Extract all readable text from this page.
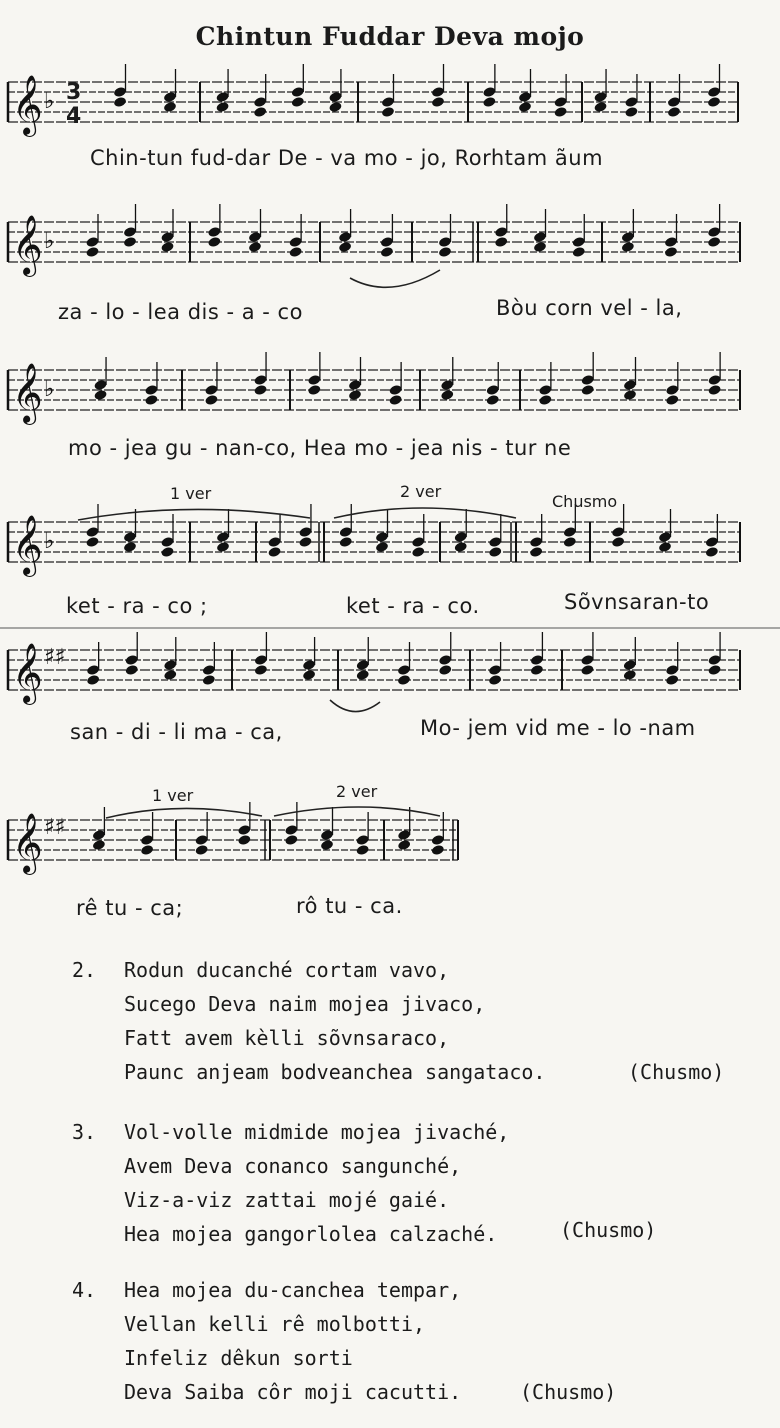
Chintun Fuddar Deva mojo
𝄞 ♭
𝄞 ♭
𝄞 ♭
𝄞 ♭
𝄞 ♯♯
𝄞 ♯♯
3
4
Chin-tun fud-dar De - va mo - jo, Rorhtam ãum
za - lo - lea dis - a - co	Bòu corn vel - la,
mo - jea gu - nan-co, Hea mo - jea nis - tur ne
1 ver	2 ver
Chusmo
ket - ra - co ;	ket - ra - co.	Sõvnsaran-to
san - di - li ma - ca,	Mo- jem vid me - lo -nam
1 ver	2 ver
rê tu - ca;	rô tu - ca.
2. Rodun ducanché cortam vavo,
Sucego Deva naim mojea jivaco,
Fatt avem kèlli sõvnsaraco,
Paunc anjeam bodveanchea sangataco.	(Chusmo)
3. Vol-volle midmide mojea jivaché,
Avem Deva conanco sangunché,
Viz-a-viz zattai mojé gaié.
Hea mojea gangorlolea calzaché.	(Chusmo)
4. Hea mojea du-canchea tempar,
Vellan kelli rê molbotti,
Infeliz dêkun sorti
Deva Saiba côr moji cacutti.	(Chusmo)
